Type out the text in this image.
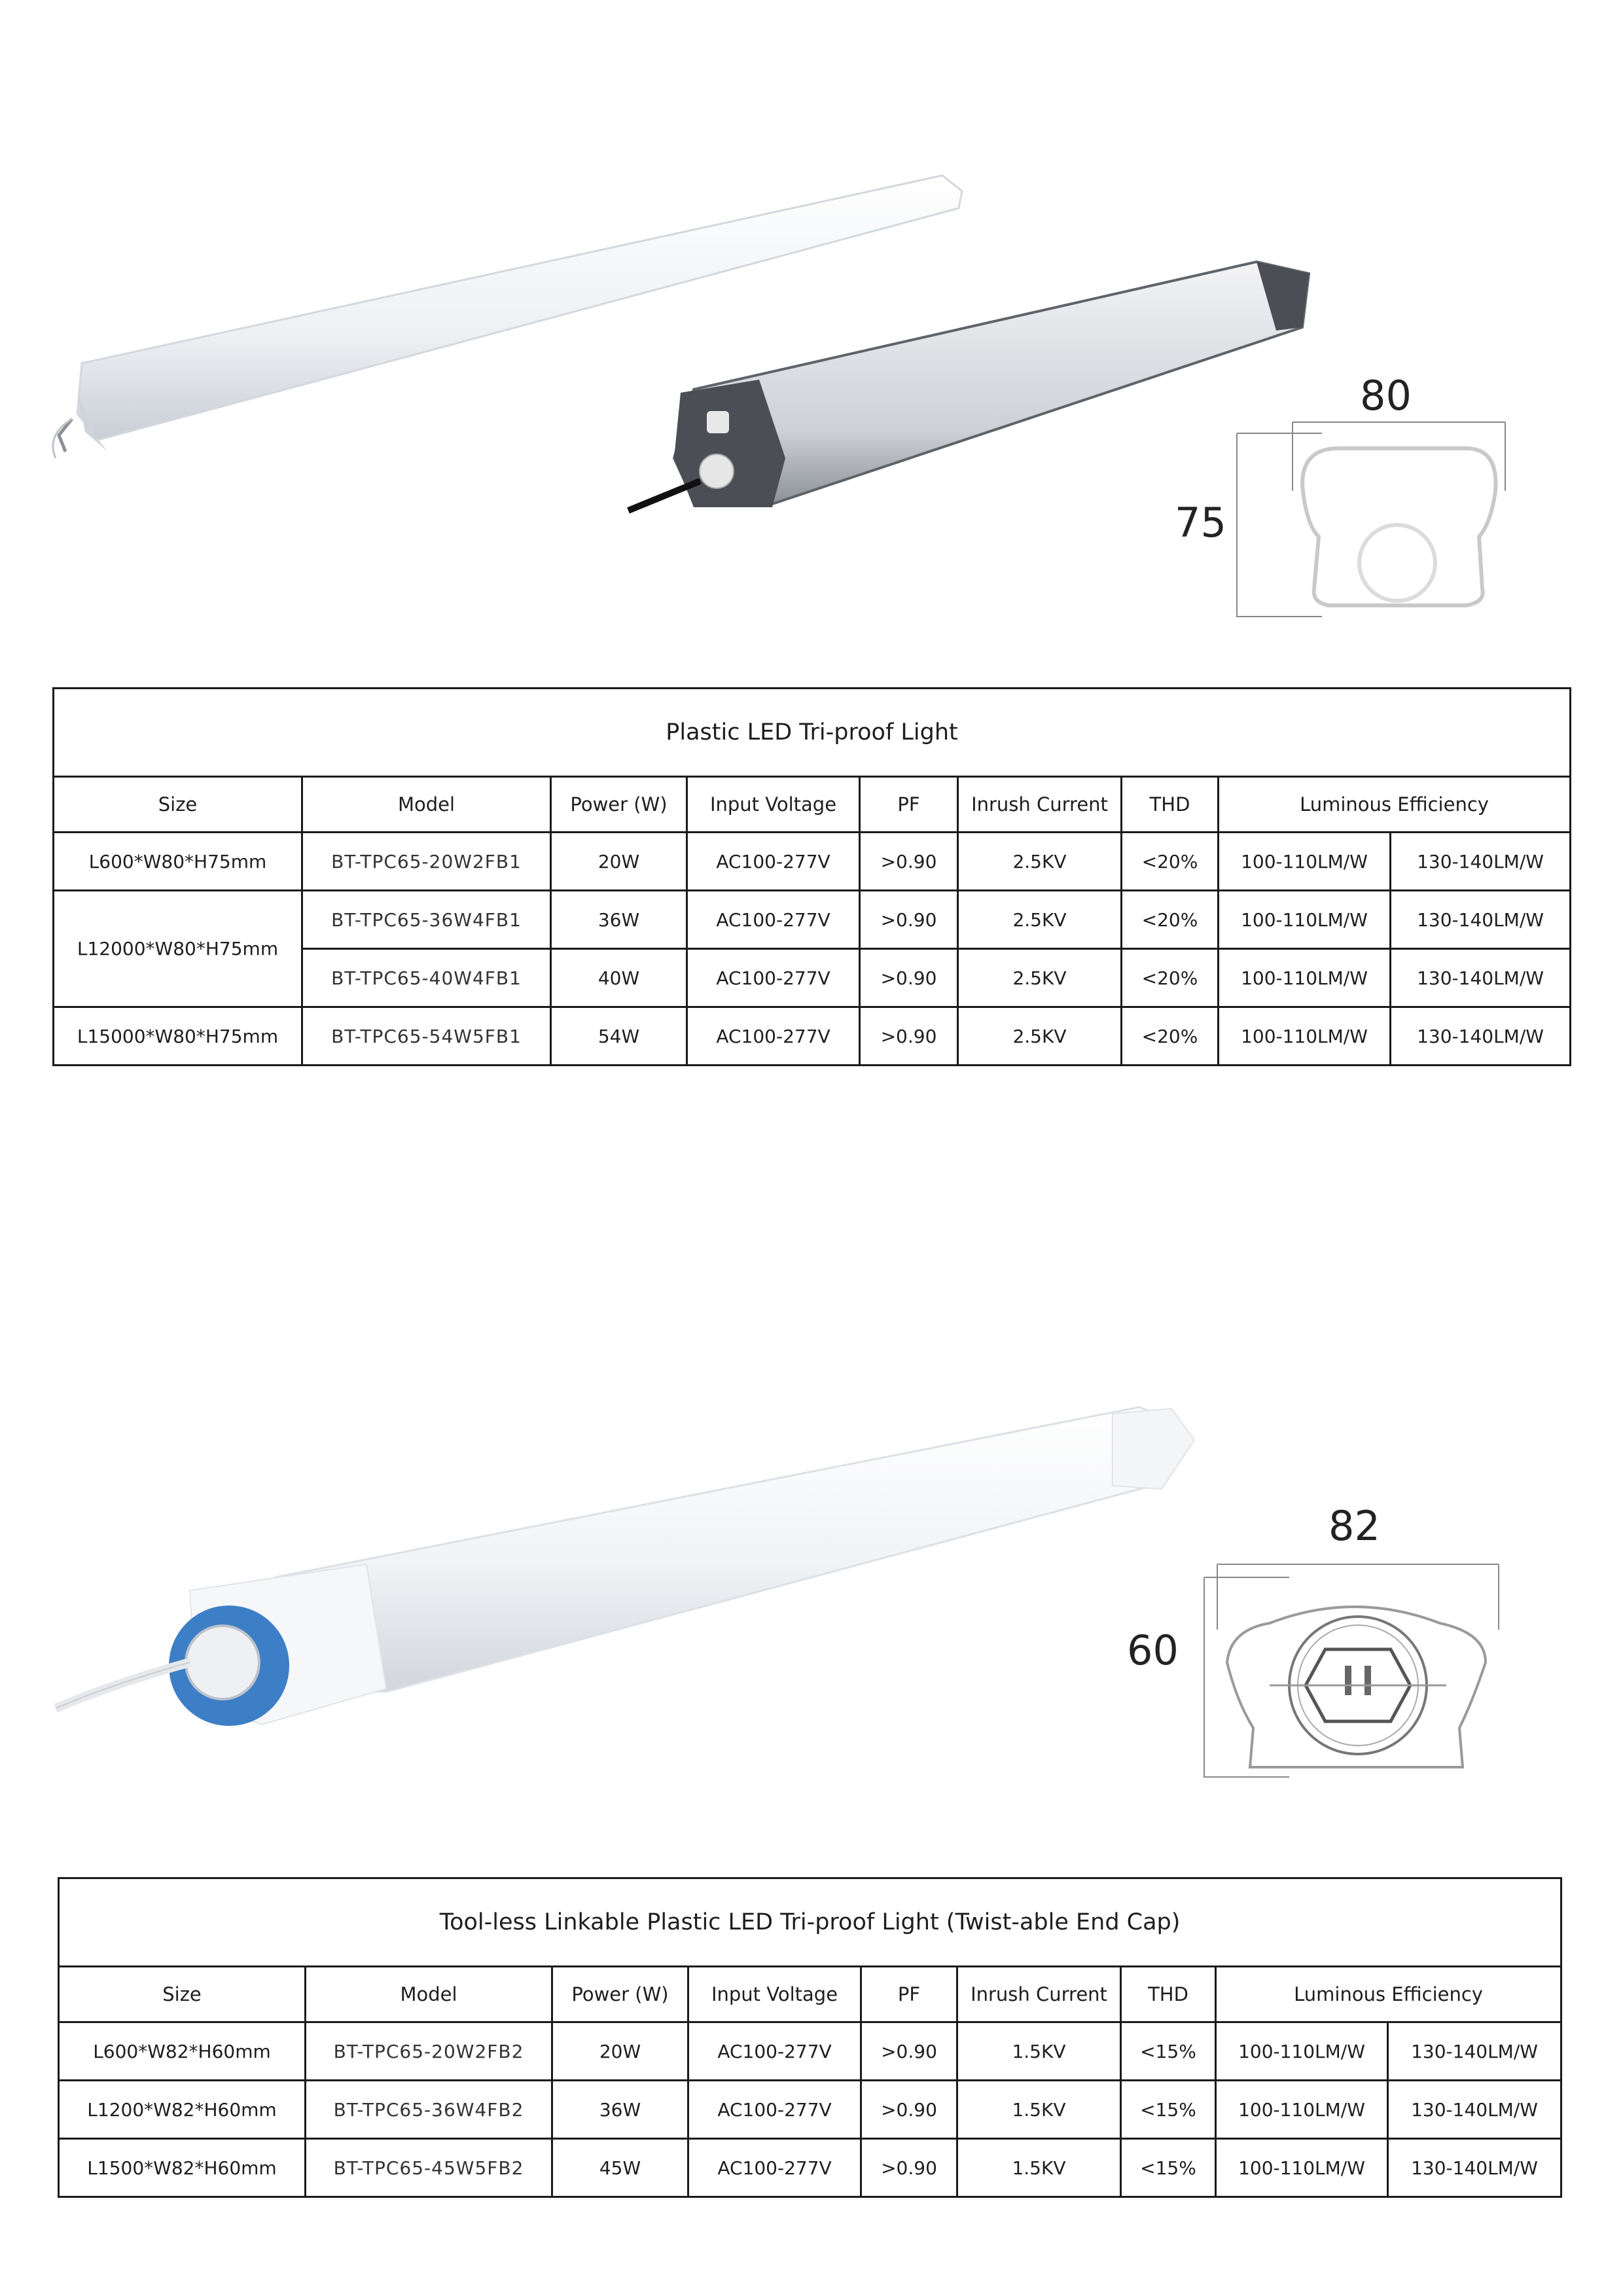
80
75
Plastic LED Tri-proof Light								
Size	Model	Power (W)	Input Voltage	PF	Inrush Current	THD	Luminous Efficiency	
L600*W80*H75mm	BT-TPC65-20W2FB1	20W	AC100-277V	>0.90	2.5KV	<20%	100-110LM/W	130-140LM/W
L12000*W80*H75mm	BT-TPC65-36W4FB1	36W	AC100-277V	>0.90	2.5KV	<20%	100-110LM/W	130-140LM/W
	BT-TPC65-40W4FB1	40W	AC100-277V	>0.90	2.5KV	<20%	100-110LM/W	130-140LM/W
L15000*W80*H75mm	BT-TPC65-54W5FB1	54W	AC100-277V	>0.90	2.5KV	<20%	100-110LM/W	130-140LM/W
82
60
Tool-less Linkable Plastic LED Tri-proof Light (Twist-able End Cap)								
Size	Model	Power (W)	Input Voltage	PF	Inrush Current	THD	Luminous Efficiency	
L600*W82*H60mm	BT-TPC65-20W2FB2	20W	AC100-277V	>0.90	1.5KV	<15%	100-110LM/W	130-140LM/W
L1200*W82*H60mm	BT-TPC65-36W4FB2	36W	AC100-277V	>0.90	1.5KV	<15%	100-110LM/W	130-140LM/W
L1500*W82*H60mm	BT-TPC65-45W5FB2	45W	AC100-277V	>0.90	1.5KV	<15%	100-110LM/W	130-140LM/W
